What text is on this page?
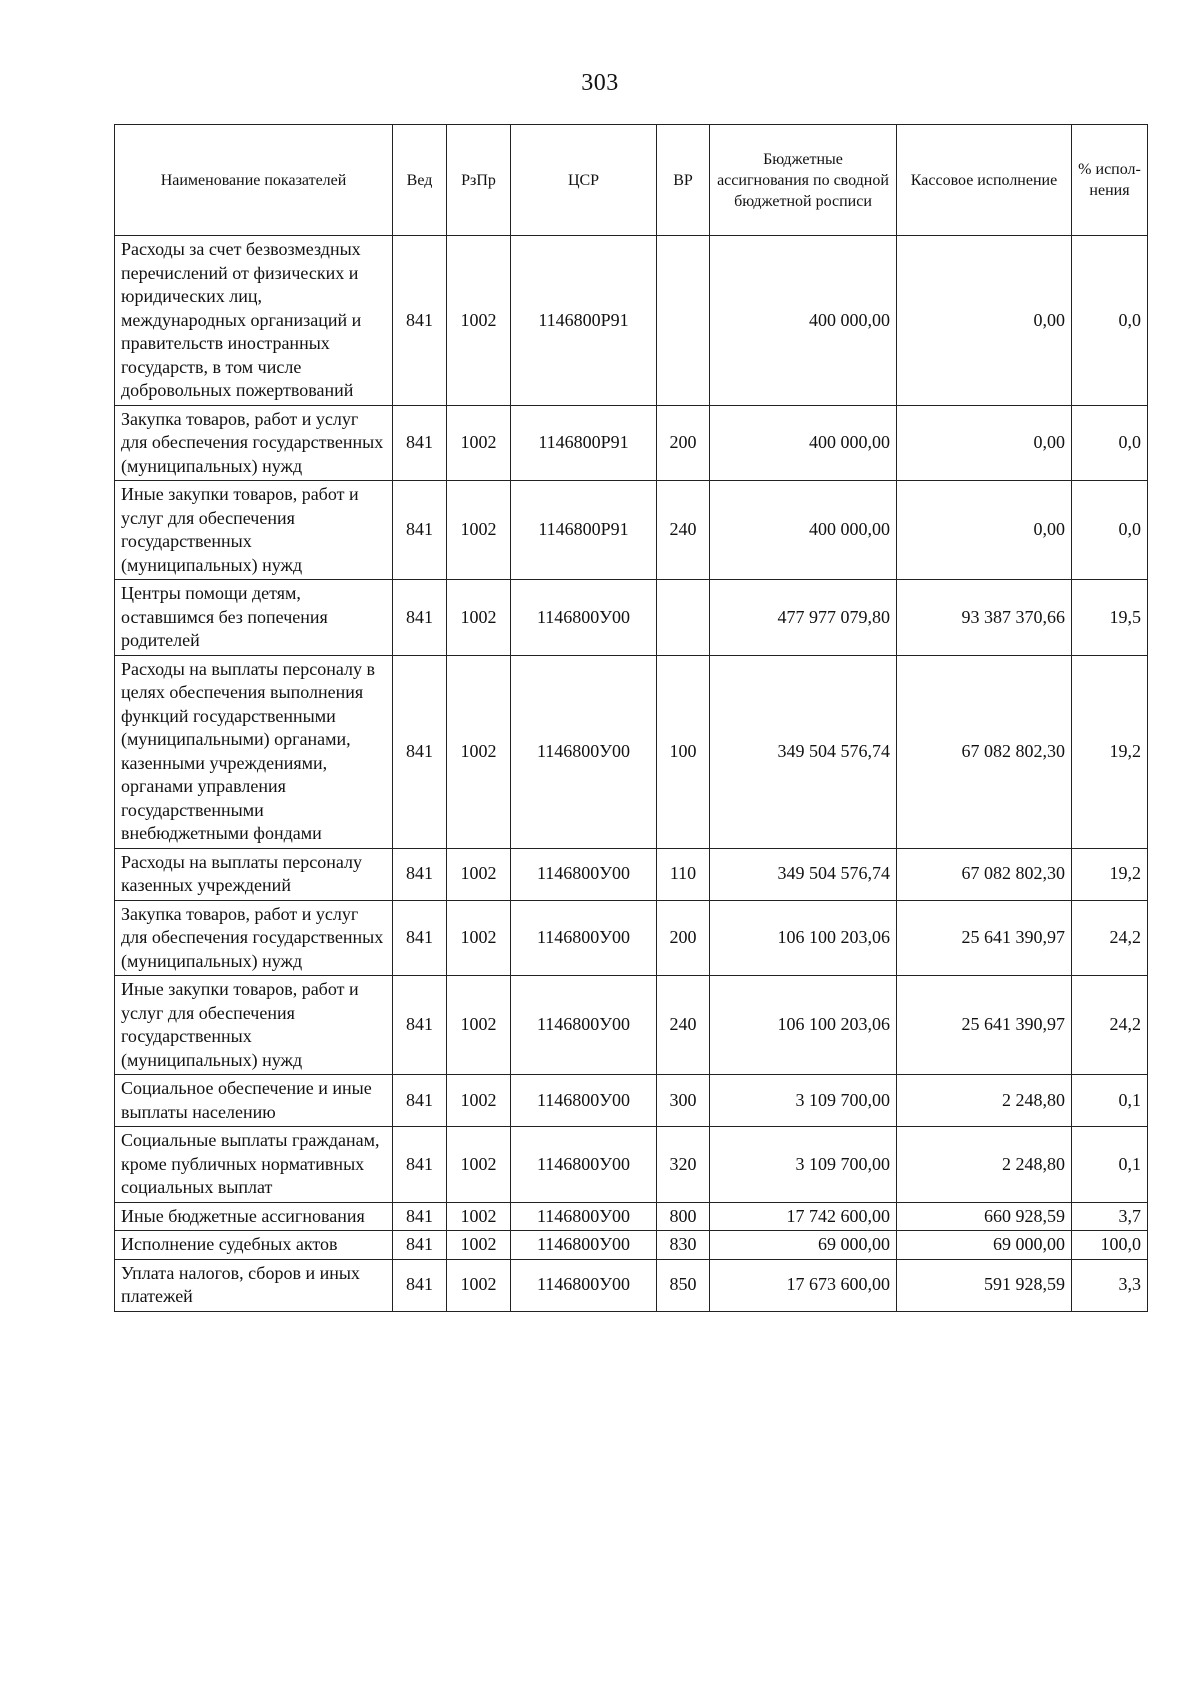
303
Наименование показателей	Вед	РзПр	ЦСР	ВР	Бюджетные ассигнования по сводной бюджетной росписи	Кассовое исполнение	% испол-нения
Расходы за счет безвозмездных перечислений от физических и юридических лиц, международных организаций и правительств иностранных государств, в том числе добровольных пожертвований	841	1002	1146800Р91		400 000,00	0,00	0,0
Закупка товаров, работ и услуг для обеспечения государственных (муниципальных) нужд	841	1002	1146800Р91	200	400 000,00	0,00	0,0
Иные закупки товаров, работ и услуг для обеспечения государственных (муниципальных) нужд	841	1002	1146800Р91	240	400 000,00	0,00	0,0
Центры помощи детям, оставшимся без попечения родителей	841	1002	1146800У00		477 977 079,80	93 387 370,66	19,5
Расходы на выплаты персоналу в целях обеспечения выполнения функций государственными (муниципальными) органами, казенными учреждениями, органами управления государственными внебюджетными фондами	841	1002	1146800У00	100	349 504 576,74	67 082 802,30	19,2
Расходы на выплаты персоналу казенных учреждений	841	1002	1146800У00	110	349 504 576,74	67 082 802,30	19,2
Закупка товаров, работ и услуг для обеспечения государственных (муниципальных) нужд	841	1002	1146800У00	200	106 100 203,06	25 641 390,97	24,2
Иные закупки товаров, работ и услуг для обеспечения государственных (муниципальных) нужд	841	1002	1146800У00	240	106 100 203,06	25 641 390,97	24,2
Социальное обеспечение и иные выплаты населению	841	1002	1146800У00	300	3 109 700,00	2 248,80	0,1
Социальные выплаты гражданам, кроме публичных нормативных социальных выплат	841	1002	1146800У00	320	3 109 700,00	2 248,80	0,1
Иные бюджетные ассигнования	841	1002	1146800У00	800	17 742 600,00	660 928,59	3,7
Исполнение судебных актов	841	1002	1146800У00	830	69 000,00	69 000,00	100,0
Уплата налогов, сборов и иных платежей	841	1002	1146800У00	850	17 673 600,00	591 928,59	3,3
